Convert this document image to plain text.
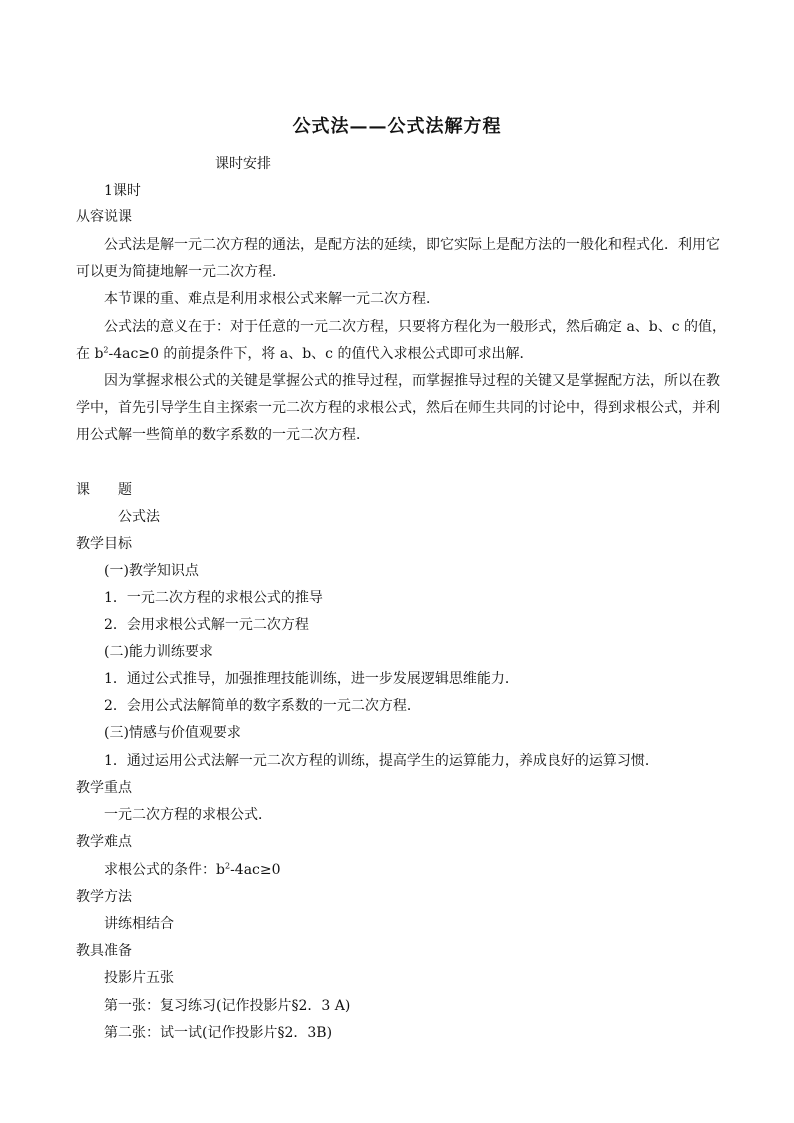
公式法——公式法解方程
课时安排
1课时
从容说课
公式法是解一元二次方程的通法，是配方法的延续，即它实际上是配方法的一般化和程式化．利用它
可以更为简捷地解一元二次方程．
本节课的重、难点是利用求根公式来解一元二次方程．
公式法的意义在于：对于任意的一元二次方程，只要将方程化为一般形式，然后确定 a、b、c 的值，
在 $b^2-4ac\ge 0$ 的前提条件下，将 a、b、c 的值代入求根公式即可求出解．
因为掌握求根公式的关键是掌握公式的推导过程，而掌握推导过程的关键又是掌握配方法，所以在教
学中，首先引导学生自主探索一元二次方程的求根公式，然后在师生共同的讨论中，得到求根公式，并利
用公式解一些简单的数字系数的一元二次方程．
课　　题
公式法
教学目标
(一)教学知识点
1．一元二次方程的求根公式的推导
2．会用求根公式解一元二次方程
(二)能力训练要求
1．通过公式推导，加强推理技能训练，进一步发展逻辑思维能力．
2．会用公式法解简单的数字系数的一元二次方程．
(三)情感与价值观要求
1．通过运用公式法解一元二次方程的训练，提高学生的运算能力，养成良好的运算习惯．
教学重点
一元二次方程的求根公式．
教学难点
求根公式的条件：$b^2-4ac\ge 0$
教学方法
讲练相结合
教具准备
投影片五张
第一张：复习练习(记作投影片§2．3 A)
第二张：试一试(记作投影片§2．3B)
